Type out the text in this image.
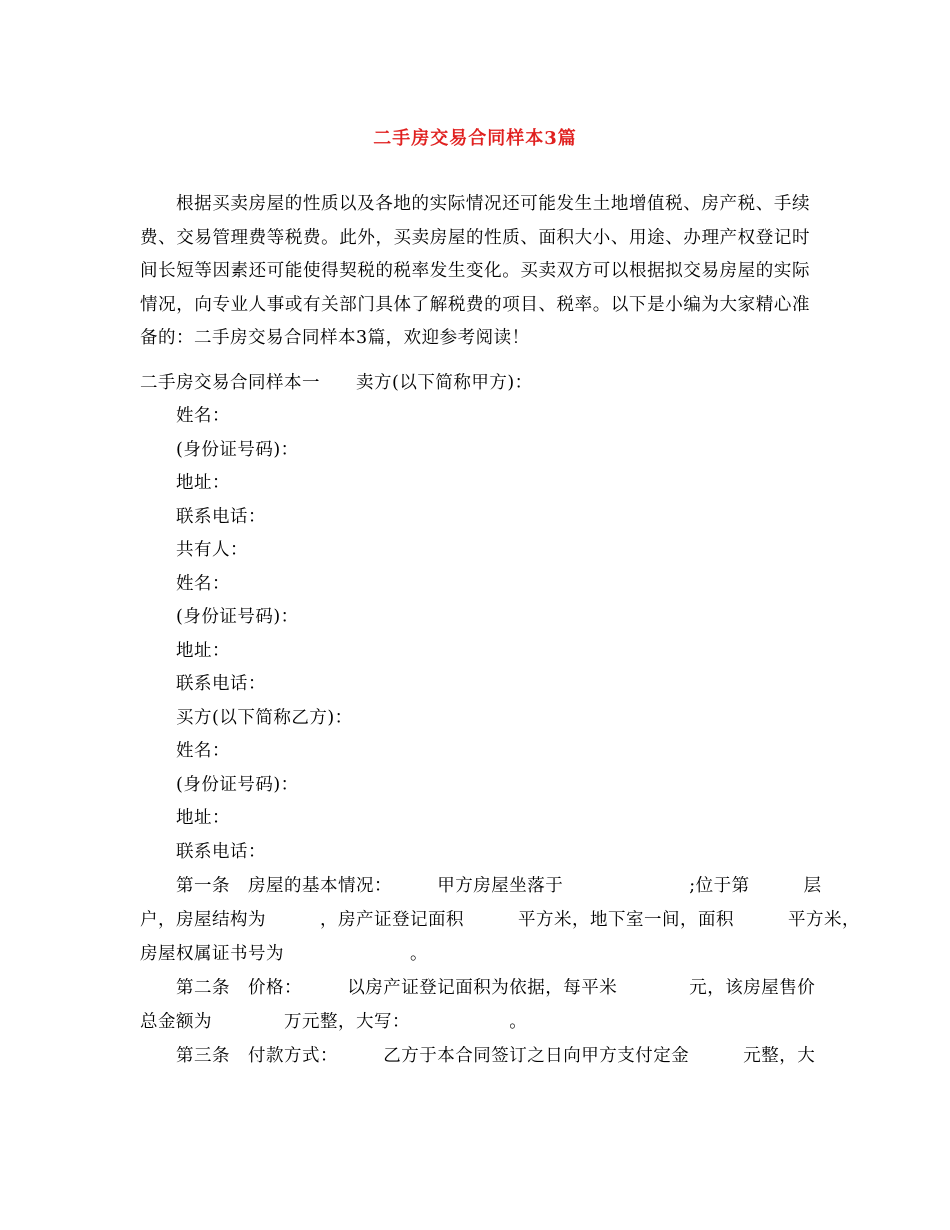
二手房交易合同样本3篇
根据买卖房屋的性质以及各地的实际情况还可能发生土地增值税、房产税、手续费、交易管理费等税费。此外，买卖房屋的性质、面积大小、用途、办理产权登记时间长短等因素还可能使得契税的税率发生变化。买卖双方可以根据拟交易房屋的实际情况，向专业人事或有关部门具体了解税费的项目、税率。以下是小编为大家精心准备的：二手房交易合同样本3篇，欢迎参考阅读！
二手房交易合同样本一　　卖方(以下简称甲方)：
姓名：
(身份证号码)：
地址：
联系电话：
共有人：
姓名：
(身份证号码)：
地址：
联系电话：
买方(以下简称乙方)：
姓名：
(身份证号码)：
地址：
联系电话：
第一条　房屋的基本情况：　　　甲方房屋坐落于　　　　　　　;位于第　　　层
户，房屋结构为　　　，房产证登记面积　　　平方米，地下室一间，面积　　　平方米，
房屋权属证书号为　　　　　　　。
第二条　价格：　　　以房产证登记面积为依据，每平米　　　　元，该房屋售价
总金额为　　　　万元整，大写：　　　　　　。
第三条　付款方式：　　　乙方于本合同签订之日向甲方支付定金　　　元整，大
